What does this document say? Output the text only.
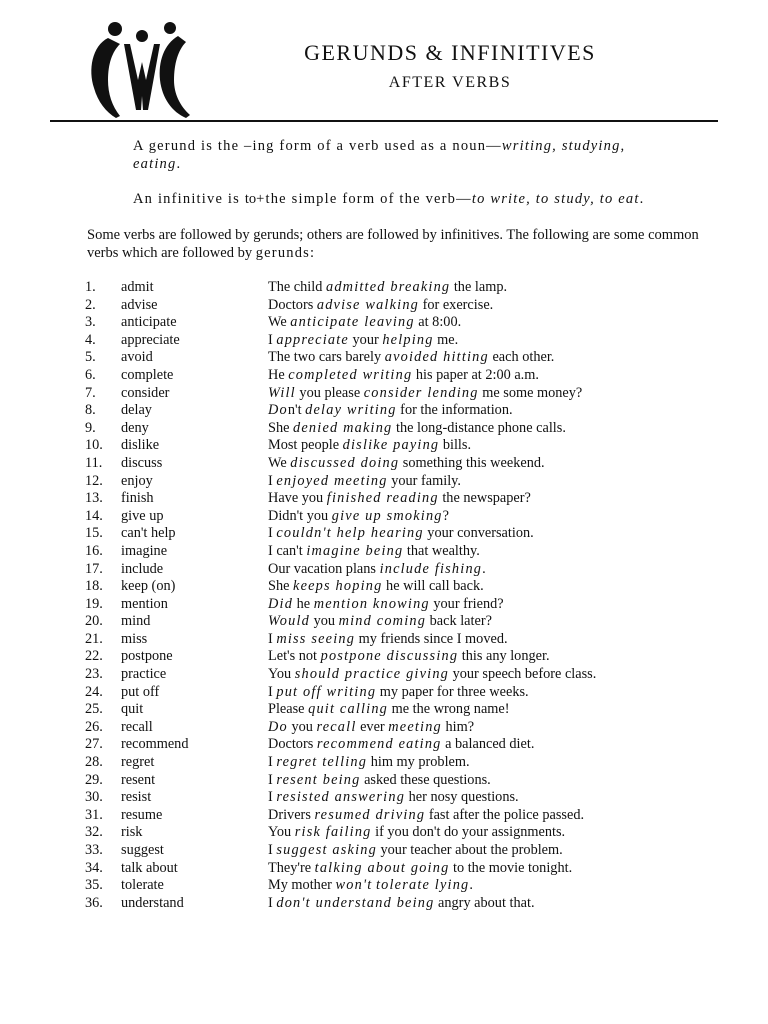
GERUNDS & INFINITIVES
AFTER VERBS

A gerund is the –ing form of a verb used as a noun—writing, studying, eating.

An infinitive is to+the simple form of the verb—to write, to study, to eat.

Some verbs are followed by gerunds; others are followed by infinitives. The following are some common verbs which are followed by gerunds:

1. admit	The child admitted breaking the lamp.
2. advise	Doctors advise walking for exercise.
3. anticipate	We anticipate leaving at 8:00.
4. appreciate	I appreciate your helping me.
5. avoid	The two cars barely avoided hitting each other.
6. complete	He completed writing his paper at 2:00 a.m.
7. consider	Will you please consider lending me some money?
8. delay	Don't delay writing for the information.
9. deny	She denied making the long-distance phone calls.
10. dislike	Most people dislike paying bills.
11. discuss	We discussed doing something this weekend.
12. enjoy	I enjoyed meeting your family.
13. finish	Have you finished reading the newspaper?
14. give up	Didn't you give up smoking?
15. can't help	I couldn't help hearing your conversation.
16. imagine	I can't imagine being that wealthy.
17. include	Our vacation plans include fishing.
18. keep (on)	She keeps hoping he will call back.
19. mention	Did he mention knowing your friend?
20. mind	Would you mind coming back later?
21. miss	I miss seeing my friends since I moved.
22. postpone	Let's not postpone discussing this any longer.
23. practice	You should practice giving your speech before class.
24. put off	I put off writing my paper for three weeks.
25. quit	Please quit calling me the wrong name!
26. recall	Do you recall ever meeting him?
27. recommend	Doctors recommend eating a balanced diet.
28. regret	I regret telling him my problem.
29. resent	I resent being asked these questions.
30. resist	I resisted answering her nosy questions.
31. resume	Drivers resumed driving fast after the police passed.
32. risk	You risk failing if you don't do your assignments.
33. suggest	I suggest asking your teacher about the problem.
34. talk about	They're talking about going to the movie tonight.
35. tolerate	My mother won't tolerate lying.
36. understand	I don't understand being angry about that.
